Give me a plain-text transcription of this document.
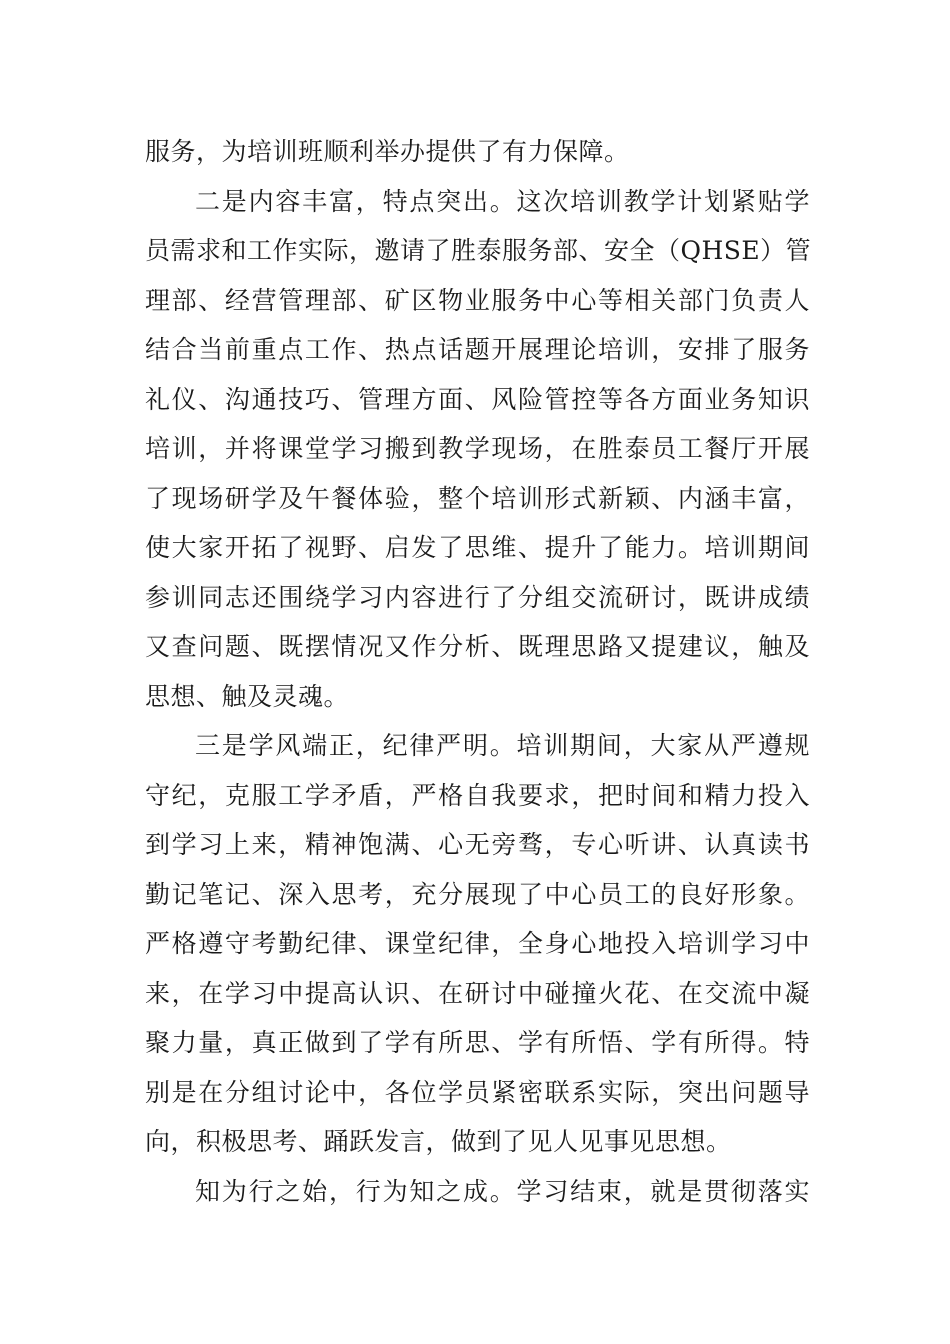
服务，为培训班顺利举办提供了有力保障。
二是内容丰富，特点突出。这次培训教学计划紧贴学
员需求和工作实际，邀请了胜泰服务部、安全（QHSE）管
理部、经营管理部、矿区物业服务中心等相关部门负责人
结合当前重点工作、热点话题开展理论培训，安排了服务
礼仪、沟通技巧、管理方面、风险管控等各方面业务知识
培训，并将课堂学习搬到教学现场，在胜泰员工餐厅开展
了现场研学及午餐体验，整个培训形式新颖、内涵丰富，
使大家开拓了视野、启发了思维、提升了能力。培训期间
参训同志还围绕学习内容进行了分组交流研讨，既讲成绩
又查问题、既摆情况又作分析、既理思路又提建议，触及
思想、触及灵魂。
三是学风端正，纪律严明。培训期间，大家从严遵规
守纪，克服工学矛盾，严格自我要求，把时间和精力投入
到学习上来，精神饱满、心无旁骛，专心听讲、认真读书
勤记笔记、深入思考，充分展现了中心员工的良好形象。
严格遵守考勤纪律、课堂纪律，全身心地投入培训学习中
来，在学习中提高认识、在研讨中碰撞火花、在交流中凝
聚力量，真正做到了学有所思、学有所悟、学有所得。特
别是在分组讨论中，各位学员紧密联系实际，突出问题导
向，积极思考、踊跃发言，做到了见人见事见思想。
知为行之始，行为知之成。学习结束，就是贯彻落实
